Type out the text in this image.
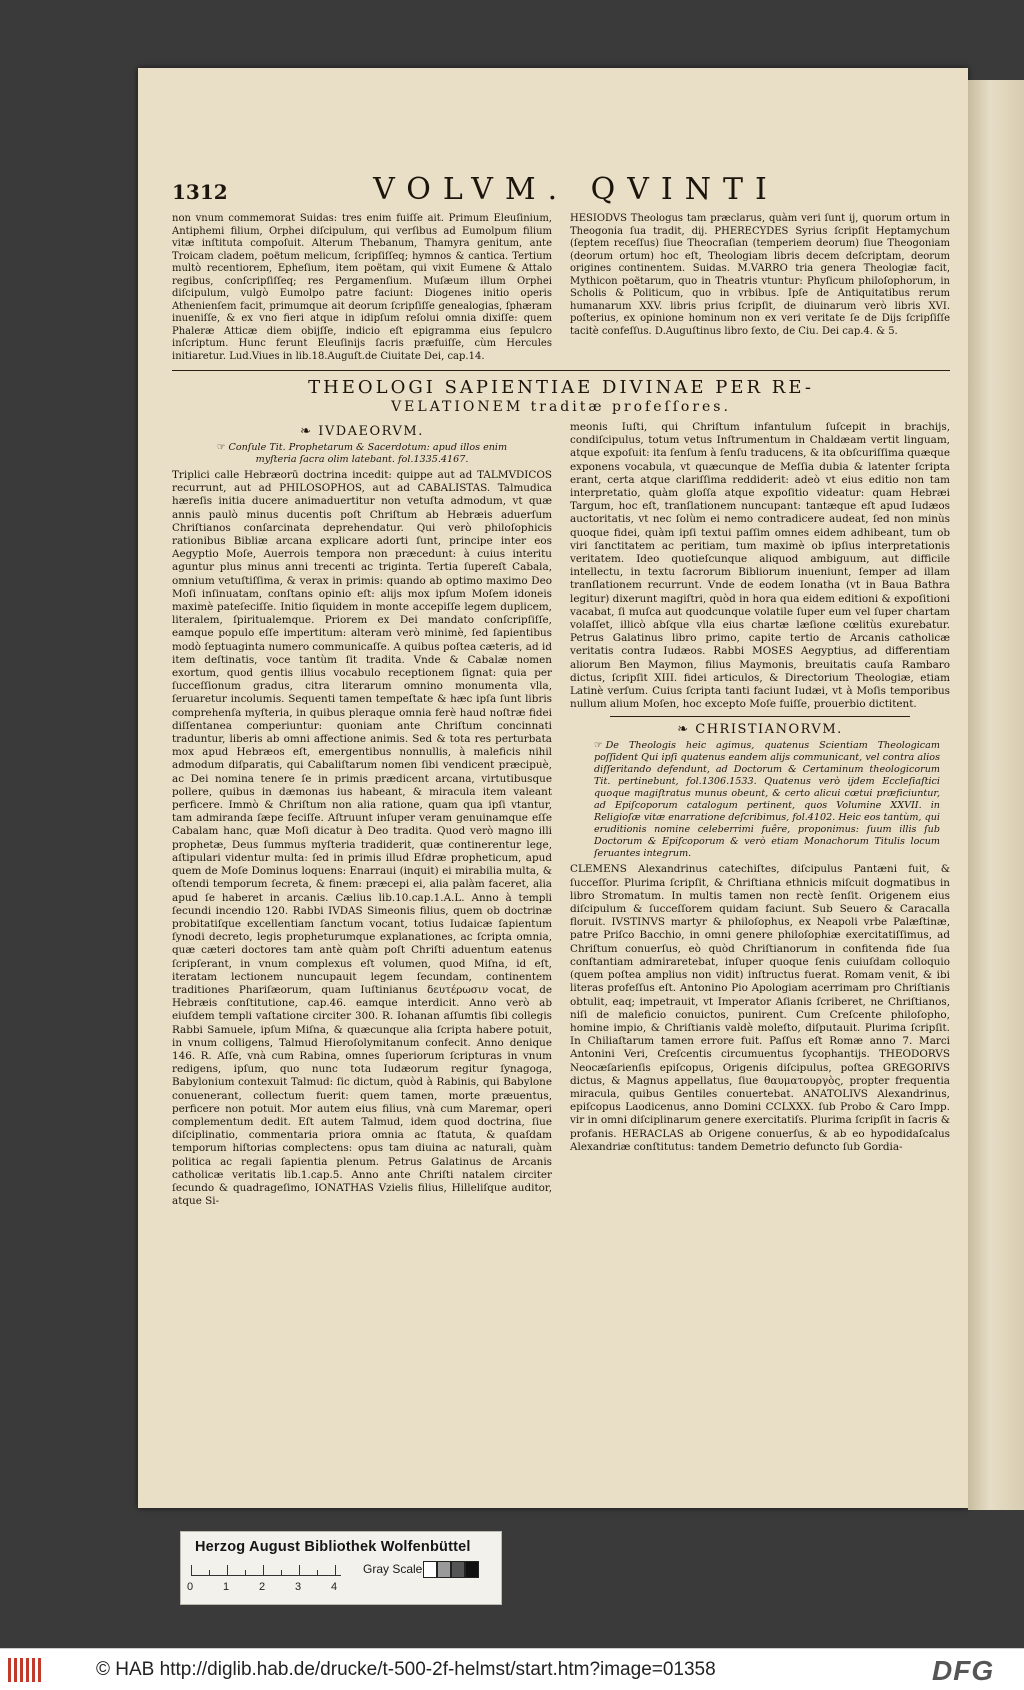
1312	VOLVM. QVINTI

non vnum commemorat Suidas: tres enim fuiſſe ait. Primum Eleuſinium, Antiphemi filium, Orphei diſcipulum, qui verſibus ad Eumolpum filium vitæ inſtituta compoſuit. Alterum Thebanum, Thamyra genitum, ante Troicam cladem, poëtum melicum, ſcripſiſſeq; hymnos & cantica. Tertium multò recentiorem, Epheſium, item poëtam, qui vixit Eumene & Attalo regibus, conſcripſiſſeq; res Pergamenſium. Muſæum illum Orphei diſcipulum, vulgò Eumolpo patre faciunt: Diogenes initio operis Athenienſem facit, primumque ait deorum ſcripſiſſe genealogias, ſphæram inueniſſe, & ex vno fieri atque in idipſum reſolui omnia dixiſſe: quem Phaleræ Atticæ diem obijſſe, indicio eſt epigramma eius ſepulcro inſcriptum. Hunc ferunt Eleuſinijs ſacris præfuiſſe, cùm Hercules initiaretur. Lud.Viues in lib.18.Auguſt.de Ciuitate Dei, cap.14.

HESIODVS Theologus tam præclarus, quàm veri ſunt ij, quorum ortum in Theogonia ſua tradit, dij. PHERECYDES Syrius ſcripſit Heptamychum (ſeptem receſſus) ſiue Theocraſian (temperiem deorum) ſiue Theogoniam (deorum ortum) hoc eſt, Theologiam libris decem deſcriptam, deorum origines continentem. Suidas. M.VARRO tria genera Theologiæ facit, Mythicon poëtarum, quo in Theatris vtuntur: Phyſicum philoſophorum, in Scholis & Politicum, quo in vrbibus. Ipſe de Antiquitatibus rerum humanarum XXV. libris prius ſcripſit, de diuinarum verò libris XVI. poſterius, ex opinione hominum non ex veri veritate ſe de Dijs ſcripſiſſe tacitè confeſſus. D.Auguſtinus libro ſexto, de Ciu. Dei cap.4. & 5.

THEOLOGI SAPIENTIAE DIVINAE PER RE-
VELATIONEM traditæ profeſſores.
❧ IVDAEORVM.
☞ Conſule Tit. Prophetarum & Sacerdotum: apud illos enim myſteria ſacra olim latebant. fol.1335.4167.

Triplici calle Hebræorū doctrina incedit: quippe aut ad TALMVDICOS recurrunt, aut ad PHILOSOPHOS, aut ad CABALISTAS. Talmudica hæreſis initia ducere animaduertitur non vetuſta admodum, vt quæ annis paulò minus ducentis poſt Chriſtum ab Hebræis aduerſum Chriſtianos conſarcinata deprehendatur. Qui verò philoſophicis rationibus Bibliæ arcana explicare adorti ſunt, principe inter eos Aegyptio Moſe, Auerrois tempora non præcedunt: à cuius interitu aguntur plus minus anni trecenti ac triginta. Tertia ſupereſt Cabala, omnium vetuſtiſſima, & verax in primis: quando ab optimo maximo Deo Moſi inſinuatam, conſtans opinio eſt: alijs mox ipſum Moſem idoneis maximè pateſeciſſe. Initio ſiquidem in monte accepiſſe legem duplicem, literalem, ſpiritualemque. Priorem ex Dei mandato conſcripſiſſe, eamque populo eſſe impertitum: alteram verò minimè, ſed ſapientibus modò ſeptuaginta numero communicaſſe. A quibus poſtea cæteris, ad id item deſtinatis, voce tantùm ſit tradita. Vnde & Cabalæ nomen exortum, quod gentis illius vocabulo receptionem ſignat: quia per ſucceſſionum gradus, citra literarum omnino monumenta vlla, ſeruaretur incolumis. Sequenti tamen tempeſtate & hæc ipſa ſunt libris comprehenſa myſteria, in quibus pleraque omnia ferè haud noſtræ fidei diſſentanea comperiuntur: quoniam ante Chriſtum concinnati traduntur, liberis ab omni affectione animis. Sed & tota res perturbata mox apud Hebræos eſt, emergentibus nonnullis, à maleficis nihil admodum diſparatis, qui Cabaliſtarum nomen ſibi vendicent præcipuè, ac Dei nomina tenere ſe in primis prædicent arcana, virtutibusque pollere, quibus in dæmonas ius habeant, & miracula item valeant perficere. Immò & Chriſtum non alia ratione, quam qua ipſi vtantur, tam admiranda ſæpe feciſſe. Aſtruunt inſuper veram genuinamque eſſe Cabalam hanc, quæ Moſi dicatur à Deo tradita. Quod verò magno illi prophetæ, Deus ſummus myſteria tradiderit, quæ continerentur lege, aſtipulari videntur multa: ſed in primis illud Eſdræ propheticum, apud quem de Moſe Dominus loquens: Enarraui (inquit) ei mirabilia multa, & oſtendi temporum ſecreta, & finem: præcepi ei, alia palàm faceret, alia apud ſe haberet in arcanis. Cælius lib.10.cap.1.A.L. Anno à templi ſecundi incendio 120. Rabbi IVDAS Simeonis filius, quem ob doctrinæ probitatiſque excellentiam ſanctum vocant, totius Iudaicæ ſapientum ſynodi decreto, legis propheturumque explanationes, ac ſcripta omnia, quæ cæteri doctores tam antè quàm poſt Chriſti aduentum eatenus ſcripſerant, in vnum complexus eſt volumen, quod Miſna, id eſt, iteratam lectionem nuncupauit legem ſecundam, continentem traditiones Phariſæorum, quam Iuſtinianus δευτέρωσιν vocat, de Hebræis conſtitutione, cap.46. eamque interdicit. Anno verò ab eiuſdem templi vaſtatione circiter 300. R. Iohanan aſſumtis ſibi collegis Rabbi Samuele, ipſum Miſna, & quæcunque alia ſcripta habere potuit, in vnum colligens, Talmud Hieroſolymitanum confecit. Anno denique 146. R. Aſſe, vnà cum Rabina, omnes ſuperiorum ſcripturas in vnum redigens, ipſum, quo nunc tota Iudæorum regitur ſynagoga, Babylonium contexuit Talmud: ſic dictum, quòd à Rabinis, qui Babylone conuenerant, collectum fuerit: quem tamen, morte præuentus, perficere non potuit. Mor autem eius filius, vnà cum Maremar, operi complementum dedit. Eſt autem Talmud, idem quod doctrina, ſiue diſciplinatio, commentaria priora omnia ac ſtatuta, & quaſdam temporum hiſtorias complectens: opus tam diuina ac naturali, quàm politica ac regali ſapientia plenum. Petrus Galatinus de Arcanis catholicæ veritatis lib.1.cap.5. Anno ante Chriſti natalem circiter ſecundo & quadrageſimo, IONATHAS Vzielis filius, Hilleliſque auditor, atque Si-

meonis Iuſti, qui Chriſtum infantulum ſuſcepit in brachijs, condiſcipulus, totum vetus Inſtrumentum in Chaldæam vertit linguam, atque expoſuit: ita ſenſum à ſenſu traducens, & ita obſcuriſſima quæque exponens vocabula, vt quæcunque de Meſſia dubia & latenter ſcripta erant, certa atque clariſſima reddiderit: adeò vt eius editio non tam interpretatio, quàm gloſſa atque expoſitio videatur: quam Hebræi Targum, hoc eſt, tranſlationem nuncupant: tantæque eſt apud Iudæos auctoritatis, vt nec ſolùm ei nemo contradicere audeat, ſed non minùs quoque fidei, quàm ipſi textui paſſim omnes eidem adhibeant, tum ob viri ſanctitatem ac peritiam, tum maximè ob ipſius interpretationis veritatem. Ideo quotieſcunque aliquod ambiguum, aut difficile intellectu, in textu ſacrorum Bibliorum inueniunt, ſemper ad illam tranſlationem recurrunt. Vnde de eodem Ionatha (vt in Baua Bathra legitur) dixerunt magiſtri, quòd in hora qua eidem editioni & expoſitioni vacabat, ſi muſca aut quodcunque volatile ſuper eum vel ſuper chartam volaſſet, illicò abſque vlla eius chartæ læſione cœlitùs exurebatur. Petrus Galatinus libro primo, capite tertio de Arcanis catholicæ veritatis contra Iudæos. Rabbi MOSES Aegyptius, ad differentiam aliorum Ben Maymon, filius Maymonis, breuitatis cauſa Rambaro dictus, ſcripſit XIII. fidei articulos, & Directorium Theologiæ, etiam Latinè verſum. Cuius ſcripta tanti faciunt Iudæi, vt à Moſis temporibus nullum alium Moſen, hoc excepto Moſe fuiſſe, prouerbio dictitent.

❧ CHRISTIANORVM.
☞ De Theologis heic agimus, quatenus Scientiam Theologicam poſſident Qui ipſi quatenus eandem alijs communicant, vel contra alios diſſeritando defendunt, ad Doctorum & Certaminum theologicorum Tit. pertinebunt, fol.1306.1533. Quatenus verò ijdem Eccleſiaſtici quoque magiſtratus munus obeunt, & certo alicui cœtui præficiuntur, ad Epiſcoporum catalogum pertinent, quos Volumine XXVII. in Religioſæ vitæ enarratione deſcribimus, fol.4102. Heic eos tantùm, qui eruditionis nomine celeberrimi fuêre, proponimus: ſuum illis ſub Doctorum & Epiſcoporum & verò etiam Monachorum Titulis locum ſeruantes integrum.

CLEMENS Alexandrinus catechiſtes, diſcipulus Pantæni fuit, & ſucceſſor. Plurima ſcripſit, & Chriſtiana ethnicis miſcuit dogmatibus in libro Stromatum. In multis tamen non rectè ſenſit. Origenem eius diſcipulum & ſucceſſorem quidam faciunt. Sub Seuero & Caracalla floruit. IVSTINVS martyr & philoſophus, ex Neapoli vrbe Palæſtinæ, patre Priſco Bacchio, in omni genere philoſophiæ exercitatiſſimus, ad Chriſtum conuerſus, eò quòd Chriſtianorum in confitenda fide ſua conſtantiam admiraretebat, inſuper quoque ſenis cuiuſdam colloquio (quem poſtea amplius non vidit) inſtructus fuerat. Romam venit, & ibi literas profeſſus eſt. Antonino Pio Apologiam acerrimam pro Chriſtianis obtulit, eaq; impetrauit, vt Imperator Aſianis ſcriberet, ne Chriſtianos, niſi de maleficio conuictos, punirent. Cum Creſcente philoſopho, homine impio, & Chriſtianis valdè moleſto, diſputauit. Plurima ſcripſit. In Chiliaſtarum tamen errore fuit. Paſſus eſt Romæ anno 7. Marci Antonini Veri, Creſcentis circumuentus ſycophantijs. THEODORVS Neocæſarienſis epiſcopus, Origenis diſcipulus, poſtea GREGORIVS dictus, & Magnus appellatus, ſiue θαυματουργὸς, propter frequentia miracula, quibus Gentiles conuertebat. ANATOLIVS Alexandrinus, epiſcopus Laodicenus, anno Domini CCLXXX. ſub Probo & Caro Impp. vir in omni diſciplinarum genere exercitatiſs. Plurima ſcripſit in ſacris & profanis. HERACLAS ab Origene conuerſus, & ab eo hypodidaſcalus Alexandriæ conſtitutus: tandem Demetrio defuncto ſub Gordia-

Herzog August Bibliothek Wolfenbüttel
0	1	2	3	4
Gray Scale
© HAB http://diglib.hab.de/drucke/t-500-2f-helmst/start.htm?image=01358	DFG
